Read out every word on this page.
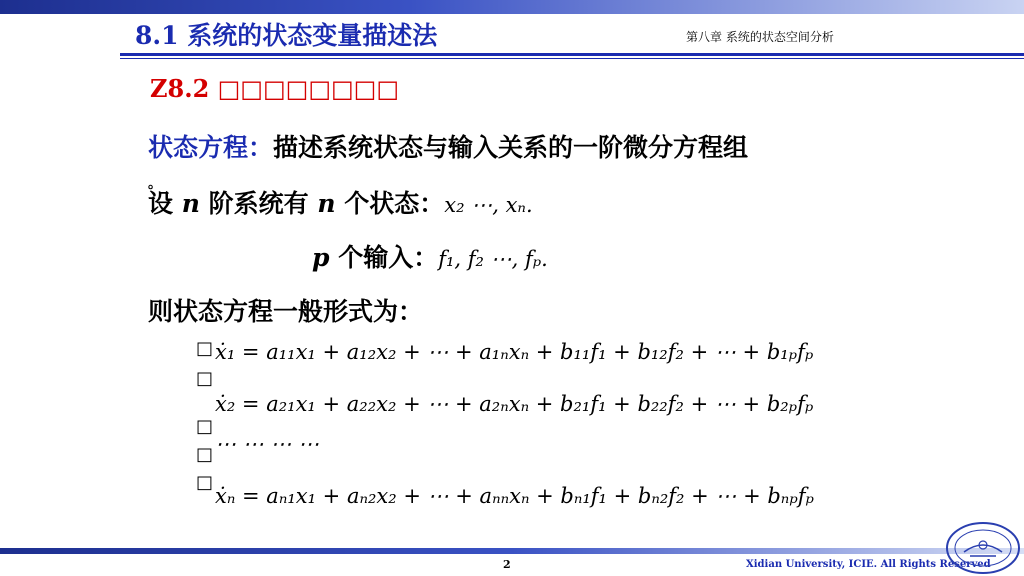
8.1 系统的状态变量描述法	第八章 系统的状态空间分析
Z8.2 □□□□□□□□
状态方程：描述系统状态与输入关系的一阶微分方程组
。
设 n 阶系统有 n 个状态：x₂ ⋯, xₙ.
p 个输入：f₁, f₂ ⋯, fₚ.
则状态方程一般形式为：
□
□
□
□
□
ẋ₁ = a₁₁x₁ + a₁₂x₂ + ⋯ + a₁ₙxₙ + b₁₁f₁ + b₁₂f₂ + ⋯ + b₁ₚfₚ
ẋ₂ = a₂₁x₁ + a₂₂x₂ + ⋯ + a₂ₙxₙ + b₂₁f₁ + b₂₂f₂ + ⋯ + b₂ₚfₚ
⋯ ⋯ ⋯ ⋯
ẋₙ = aₙ₁x₁ + aₙ₂x₂ + ⋯ + aₙₙxₙ + bₙ₁f₁ + bₙ₂f₂ + ⋯ + bₙₚfₚ
2	Xidian University, ICIE. All Rights Reserved
